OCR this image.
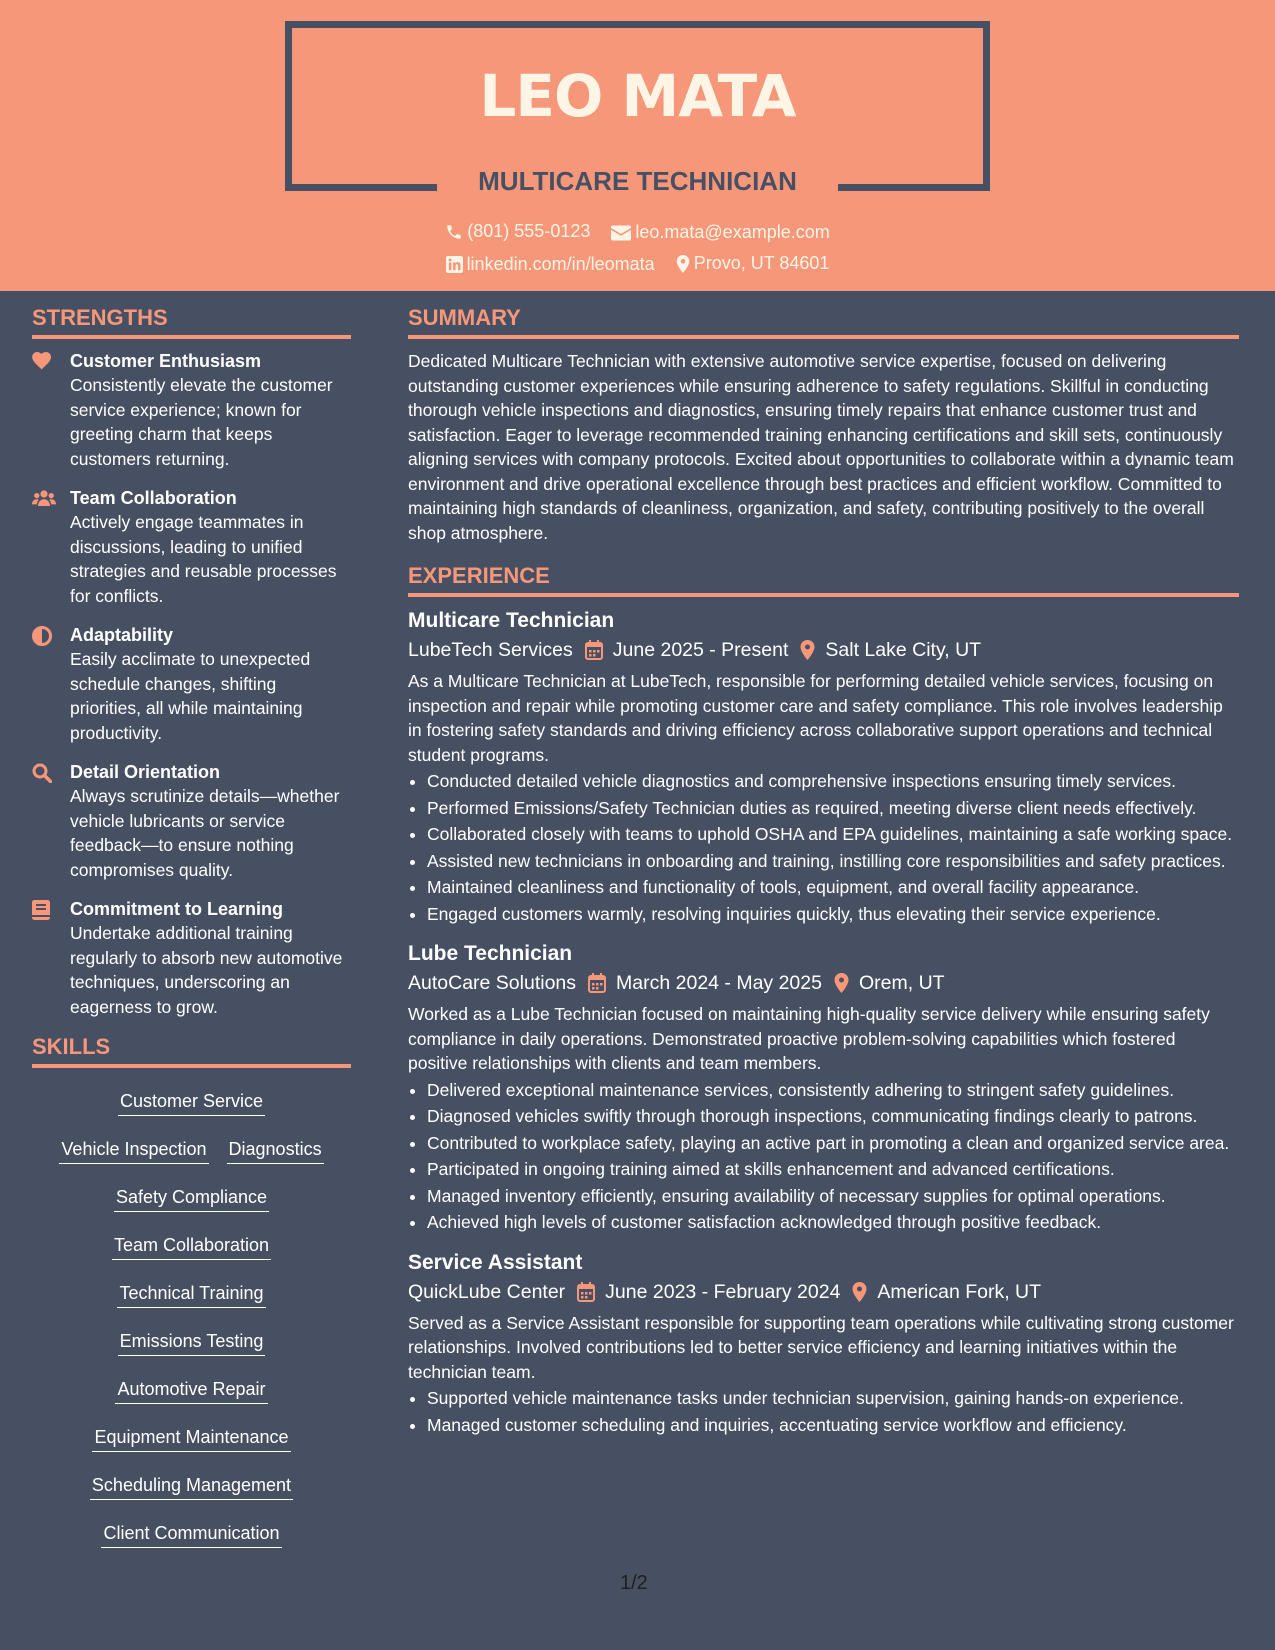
LEO MATA
MULTICARE TECHNICIAN
(801) 555-0123
	leo.mata@example.com
linkedin.com/in/leomata
Provo, UT 84601
STRENGTHS
Customer Enthusiasm
Consistently elevate the customer service experience; known for greeting charm that keeps customers returning.
Team Collaboration
Actively engage teammates in discussions, leading to unified strategies and reusable processes for conflicts.
Adaptability
Easily acclimate to unexpected schedule changes, shifting priorities, all while maintaining productivity.
Detail Orientation
Always scrutinize details—whether vehicle lubricants or service feedback—to ensure nothing compromises quality.
Commitment to Learning
Undertake additional training regularly to absorb new automotive techniques, underscoring an eagerness to grow.
SKILLS
Customer Service
Vehicle Inspection Diagnostics
Safety Compliance
Team Collaboration
Technical Training
Emissions Testing
Automotive Repair
Equipment Maintenance
Scheduling Management
Client Communication
SUMMARY
Dedicated Multicare Technician with extensive automotive service expertise, focused on delivering outstanding customer experiences while ensuring adherence to safety regulations. Skillful in conducting thorough vehicle inspections and diagnostics, ensuring timely repairs that enhance customer trust and satisfaction. Eager to leverage recommended training enhancing certifications and skill sets, continuously aligning services with company protocols. Excited about opportunities to collaborate within a dynamic team environment and drive operational excellence through best practices and efficient workflow. Committed to maintaining high standards of cleanliness, organization, and safety, contributing positively to the overall shop atmosphere.
EXPERIENCE
Multicare Technician
LubeTech Services June 2025 - Present Salt Lake City, UT
As a Multicare Technician at LubeTech, responsible for performing detailed vehicle services, focusing on inspection and repair while promoting customer care and safety compliance. This role involves leadership in fostering safety standards and driving efficiency across collaborative support operations and technical student programs.
• Conducted detailed vehicle diagnostics and comprehensive inspections ensuring timely services.
• Performed Emissions/Safety Technician duties as required, meeting diverse client needs effectively.
• Collaborated closely with teams to uphold OSHA and EPA guidelines, maintaining a safe working space.
• Assisted new technicians in onboarding and training, instilling core responsibilities and safety practices.
• Maintained cleanliness and functionality of tools, equipment, and overall facility appearance.
• Engaged customers warmly, resolving inquiries quickly, thus elevating their service experience.
Lube Technician
AutoCare Solutions March 2024 - May 2025 Orem, UT
Worked as a Lube Technician focused on maintaining high-quality service delivery while ensuring safety compliance in daily operations. Demonstrated proactive problem-solving capabilities which fostered positive relationships with clients and team members.
• Delivered exceptional maintenance services, consistently adhering to stringent safety guidelines.
• Diagnosed vehicles swiftly through thorough inspections, communicating findings clearly to patrons.
• Contributed to workplace safety, playing an active part in promoting a clean and organized service area.
• Participated in ongoing training aimed at skills enhancement and advanced certifications.
• Managed inventory efficiently, ensuring availability of necessary supplies for optimal operations.
• Achieved high levels of customer satisfaction acknowledged through positive feedback.
Service Assistant
QuickLube Center June 2023 - February 2024 American Fork, UT
Served as a Service Assistant responsible for supporting team operations while cultivating strong customer relationships. Involved contributions led to better service efficiency and learning initiatives within the technician team.
• Supported vehicle maintenance tasks under technician supervision, gaining hands-on experience.
• Managed customer scheduling and inquiries, accentuating service workflow and efficiency.
1/2
